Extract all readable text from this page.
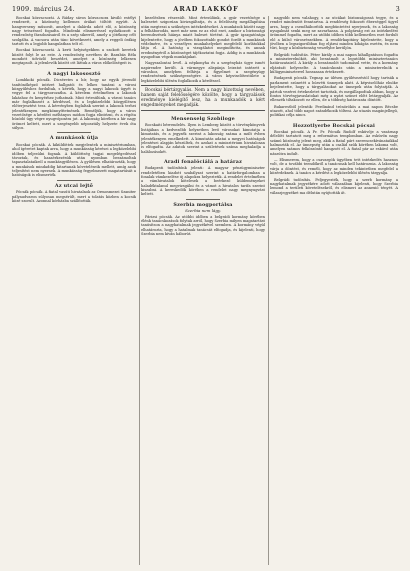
1909. március 24.	ARAD LAKKÓF	3

Bocskai közvacsorái. A Ráday sávos közvacsora kiváló estélyt rendezett, a közönség kellemes órákat töltött együtt. A hangverseny műsorát, amelyet a dalárda adott elő, a közönség nagy tetszéssel fogadta. Mindenki elismeréssel nyilatkozott a rendezőség fáradozásairól és a szép sikerről, amely a jótékony célt szolgálta. A vacsora után tánc következett, amely a reggeli órákig tartott és a legjobb hangulatban telt el.

Bocskai közvacsorái. A kerti helyiségekben a szokott keretek között folyt le az este. A rendezőség nevében dr. Barabás Béla mondott üdvözlő beszédet, amelyet a közönség lelkesen megtapsolt. A jelenlevők között ott láttuk a város előkelőségeit is.

A nagyi lakososztó

Lombkoki pócsák. Dicséretes a hír, hogy az egyik jövendő tanítónőképző intézet hallgatói és lelkes tanárai a városi közgyűléshez fordultak, s kérték, hogy a nagyi lakosok ügyét is vegye fel a tárgysorozatba. A kérelem értelmében a lakosok lakáshoz és kenyérhez juthatnak. Mint értesülünk, a városi tanács már foglalkozott a kérdéssel, és a legközelebbi közgyűlésen előterjesztést tesz. A kérvényben foglaltak szerint a lakosok terhei jelentékenyen megkönnyíttetnének. Reméljük, hogy a város vezetősége a kérdést méltányos módon fogja elintézni, és a régóta húzódó ügy végre nyugvópontra jut. A lakosság körében a hír nagy örömet keltett, mert a szegényebb néposztály helyzete évek óta súlyos.

A munkások útja

Bocskai pócsák. A kiküldöttek megjelentek a minisztériumban, ahol ígéretet kaptak arra, hogy a munkásság kérései a legközelebbi időben teljesülni fognak. A küldöttség tagjai megelégedéssel távoztak, és hazaérkezésük után nyomban beszámoltak tapasztalataikról a munkásgyűlésen. A gyűlésen elhatározták, hogy a munkások mindaddig kitartanak követeléseik mellett, amíg azok teljesítést nem nyernek. A munkásság fegyelmezett magatartását a hatóságok is elismerték.

Az utcai lejtő

Pócsák pócsák. A fiatal vasúti hivatalnok az Ormosmezei Szaniter pályaudvaron súlyosan megsérült, mert a tolatás közben a kocsik közé szorult. Azonnal kórházba szállították.

kezelésben részesült. Mint értesülünk, a gyár vezetősége a balesetet szigorúan kivizsgáltatja, és a felelősség megállapítása után megteszi a szükséges intézkedéseket. A munkások között nagy a felháborodás, mert már nem ez az első eset, amikor a biztonsági berendezések hiánya miatt baleset történt. A gyár igazgatósága kijelentette, hogy a jövőben fokozottabb gondot fordít a munkások védelmére, és a veszélyes munkahelyeket megfelelő korlátokkal látja el. A hatóság a vizsgálatot megindította, és annak eredményéről a közönséget tájékoztatni fogja. Addig is a munkások nyugodtan végzik munkájukat.

Nagyszalontai levél. A népkonyha és a szegényház ügye ismét napirendre került. A vármegye alispánja leiratot intézett a városhoz, amelyben felhívja a figyelmet a szegényügy rendezésének szükségességére. A város képviselőtestülete a legközelebbi ülésén foglalkozik a kérdéssel.

Bocskai bértárgyalás. Nem a nagy bizottság nevében, hanem saját felelősségére közölte, hogy a tárgyalások eredménye kielégítő lesz, ha a munkaadók a kért engedményeket megadják.

Mensenselg Szobiloge

Bocskaiti bérrendelés. Ilyen is Lemberg között a törvénykönyvek listájában a kedvezőbb helyzetben levő városokat kimutatja a kimutatás, és a jegyzék szerint a lakosság száma a múlt évben jelentékenyen emelkedett. A kimutatás adatai a megyei hatóságok jelentései alapján készültek, és azokat a minisztérium hivatalosan is elfogadta. Az adatok szerint a születések száma meghaladja a halálozásokét.

Aradi fonalóciálá a határaz

Budapesti tudósítónk jelenti: A magyar pénzügyminiszter rendeletében kiadott szabályzat szerint a határforgalomban a fonalak vámkezelése új alapokra helyeztetik. A rendelet értelmében a vámhivatalok kötelesek a beérkező küldeményeket haladéktalanul megvizsgálni és a vámot a hivatalos tarifa szerint kiszabni. A kereskedők körében a rendelet nagy megnyugvást keltett.

Szerbia mogportálsa
Szerbia nem lágy.

Párizsi pócsák. Az utóbbi időben a belgrádi kormány körében élénk tanácskozások folytak arról, hogy Szerbia milyen magatartást tanúsítson a nagyhatalmak jegyzékével szemben. A kormány végül elhatározta, hogy a hatalmak tanácsát elfogadja, és kijelenti, hogy Szerbia nem kíván háborút.

nagyobb nem valahogy, s az utcákat biztonságossá tegye, és a rendet mindenütt fenntartsa. A rendőrség fokozott éberséggel ügyel arra, hogy a csendháborítók megbüntetést nyerjenek, és a lakosság nyugalmát senki meg ne zavarhassa. A polgárság ezt az intézkedést örömmel fogadta, mert az utóbbi időben több kellemetlen eset fordult elő a külső városrészekben. A rendőrkapitány kijelentette, hogy a jövőben a legszigorúbban fog eljárni minden kihágás esetén, és nem tűri, hogy a közbiztonság veszélybe kerüljön.

Belgrádi tudósítás. Péter király a mai napon kihallgatáson fogadta a miniszterelnököt, aki beszámolt a legutóbbi minisztertanács határozatairól. A király a beszámolót tudomásul vette, és a kormány eljárását helyeselte. A tanácskozás után a miniszterelnök a külügyminiszterrel hosszasan értekezett.

Budapesti pócsák. Tegnap az ülésen gyűlésezéstöl hogy tartsák a parlament szünetét a húsvéti ünnepek alatt. A képviselőház elnöke bejelentette, hogy a tárgyalásokat az ünnepek után folytatják. A pártok vezérei értekezletet tartottak, és megállapodtak abban, hogy a fontos törvényjavaslatokat még a nyári szünet előtt letárgyalják. Az ellenzék tiltakozott ez ellen, de a többség határozata döntött.

Bukarestből jelentik: Ferdinánd trónörökös a mai napon Bécsbe utazott, ahol több napot szándékozik tölteni. Az utazás magánjellegű, politikai célja nincs.

Hozzotlyerbe Bocskai pócsai

Bocskai pócsák. A Pr. Pr. Pócsák Rudolf esküvője a vasárnap délelőtt tartatott meg a református templomban. Az esküvőn nagy számú közönség jelent meg, akik a fiatal párt szerencsekívánataikkal halmozták el. Az ünnepség után a család szűk körében lakoma volt, amelyen számos felköszöntő hangzott el. A fiatal pár az esküvő után nászútra indult.

— Elismerem, hogy a csavargók ügyében tett intézkedés hasznos volt, de a további teendőkről a tanácsnak kell határoznia. A lakosság várja a döntést, és reméli, hogy az minden tekintetben megfelel a közérdeknek. A tanács a kérdést a legközelebbi ülésén tárgyalja.

Belgrádi tudósítás. Feljegyezték, hogy a szerb kormány a nagyhatalmak jegyzékére adott válaszában kijelenti, hogy Szerbia lemond a területi követelésekről, és elismeri az annexió tényét. A válaszjegyzéket ma délután nyújtották át.
